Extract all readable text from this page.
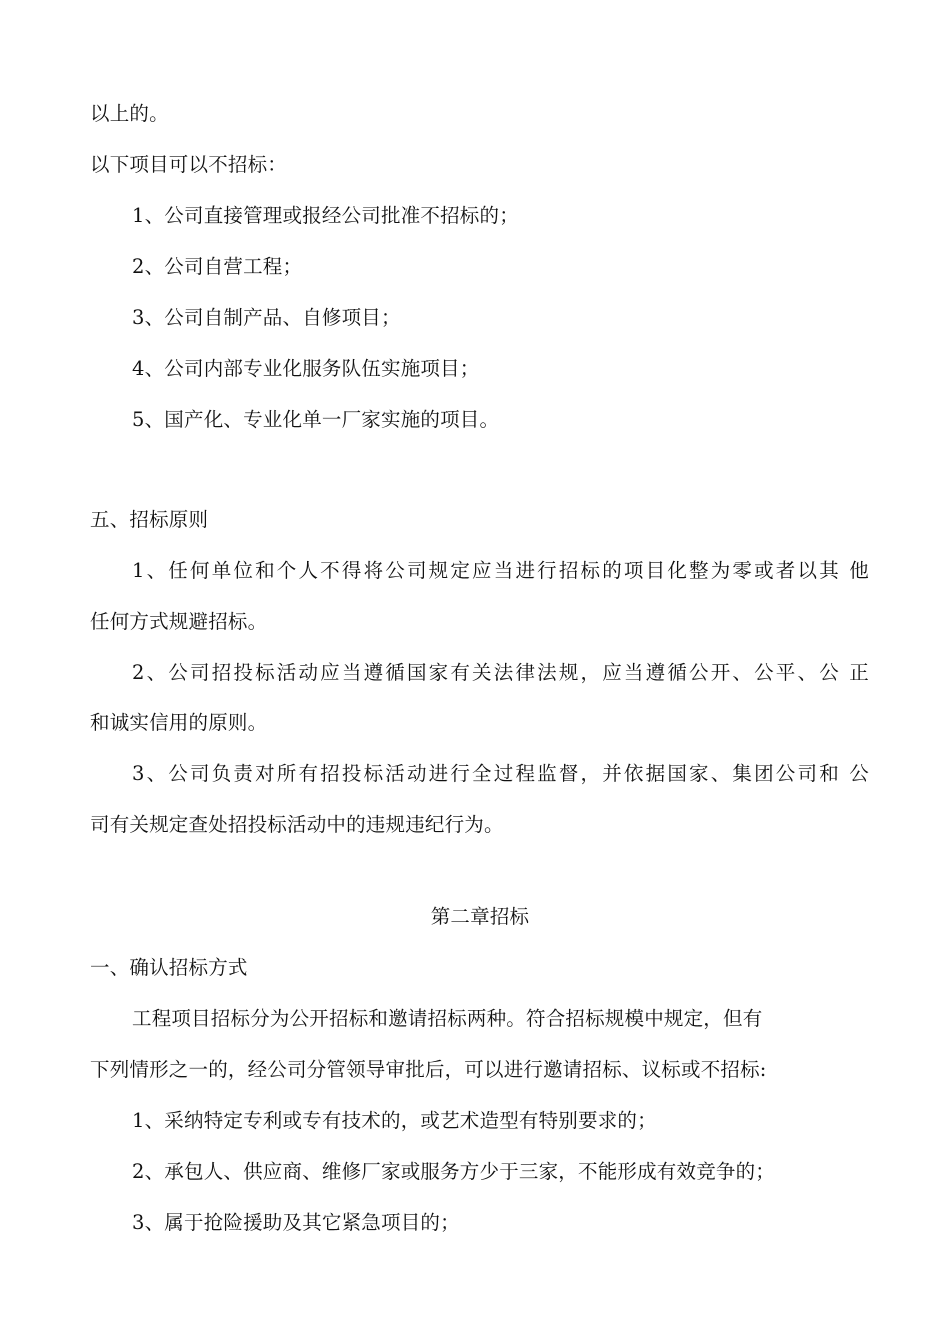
以上的。
以下项目可以不招标：
1、公司直接管理或报经公司批准不招标的；
2、公司自营工程；
3、公司自制产品、自修项目；
4、公司内部专业化服务队伍实施项目；
5、国产化、专业化单一厂家实施的项目。
五、招标原则
1、任何单位和个人不得将公司规定应当进行招标的项目化整为零或者以其 他
任何方式规避招标。
2、公司招投标活动应当遵循国家有关法律法规，应当遵循公开、公平、公 正
和诚实信用的原则。
3、公司负责对所有招投标活动进行全过程监督，并依据国家、集团公司和 公
司有关规定查处招投标活动中的违规违纪行为。
第二章招标
一、确认招标方式
工程项目招标分为公开招标和邀请招标两种。符合招标规模中规定，但有
下列情形之一的，经公司分管领导审批后，可以进行邀请招标、议标或不招标:
1、采纳特定专利或专有技术的，或艺术造型有特别要求的；
2、承包人、供应商、维修厂家或服务方少于三家，不能形成有效竞争的；
3、属于抢险援助及其它紧急项目的；
